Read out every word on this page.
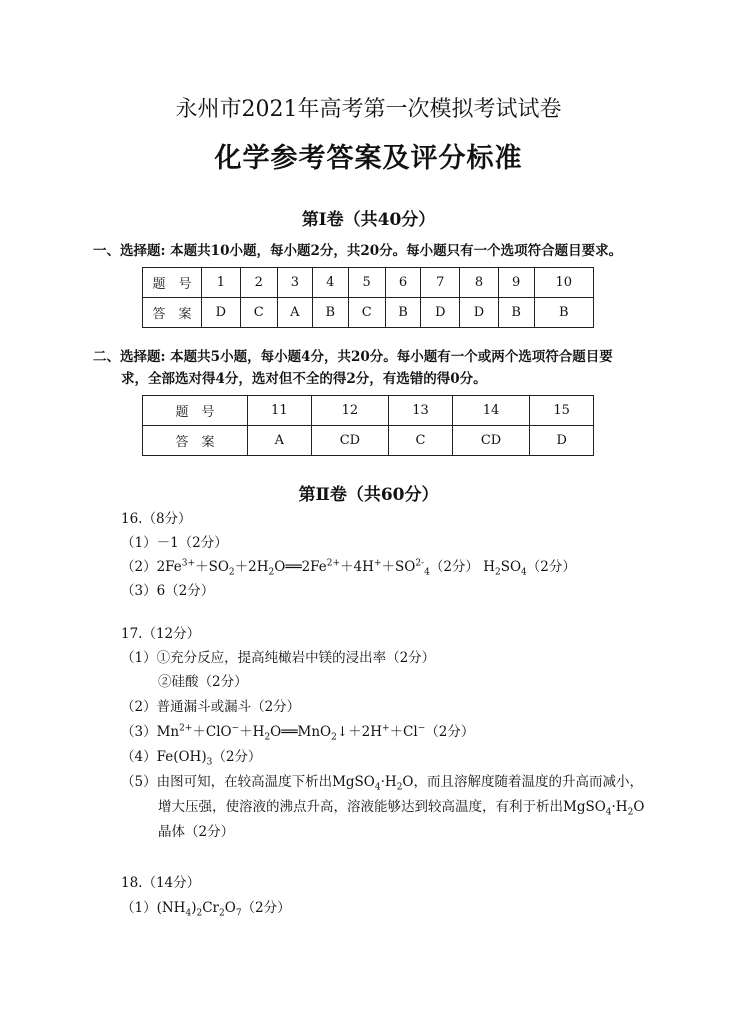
永州市2021年高考第一次模拟考试试卷
化学参考答案及评分标准
第Ⅰ卷（共40分）
一、选择题: 本题共10小题，每小题2分，共20分。每小题只有一个选项符合题目要求。
题　号	1	2	3	4	5	6	7	8	9	10
答　案	D	C	A	B	C	B	D	D	B	B
二、选择题: 本题共5小题，每小题4分，共20分。每小题有一个或两个选项符合题目要
求，全部选对得4分，选对但不全的得2分，有选错的得0分。
题　号	11	12	13	14	15
答　案	A	CD	C	CD	D
第Ⅱ卷（共60分）
16.（8分）
（1）－1（2分）
$(2)2Fe^{3+}+SO_2+2H_2O══2Fe^{2+}+4H^++SO^{2-}_4(2$分） $H_2SO_4(2$分）
（3）6（2分）
17.（12分）
（1）①充分反应，提高纯橄岩中镁的浸出率（2分）
②硅酸（2分）
（2）普通漏斗或漏斗（2分）
$(3)Mn^{2+}+ClO^-+H_2O══MnO_2↓+2H^++Cl^-(2$分）
$(4)Fe(OH)_3(2$分）
（5）由图可知，在较高温度下析出$MgSO_4\cdot H_2O$，而且溶解度随着温度的升高而减小，
增大压强，使溶液的沸点升高，溶液能够达到较高温度，有利于析出$MgSO_4\cdot H_2O$
晶体（2分）
18.（14分）
$(1)(NH_4)_2Cr_2O_7(2$分）
